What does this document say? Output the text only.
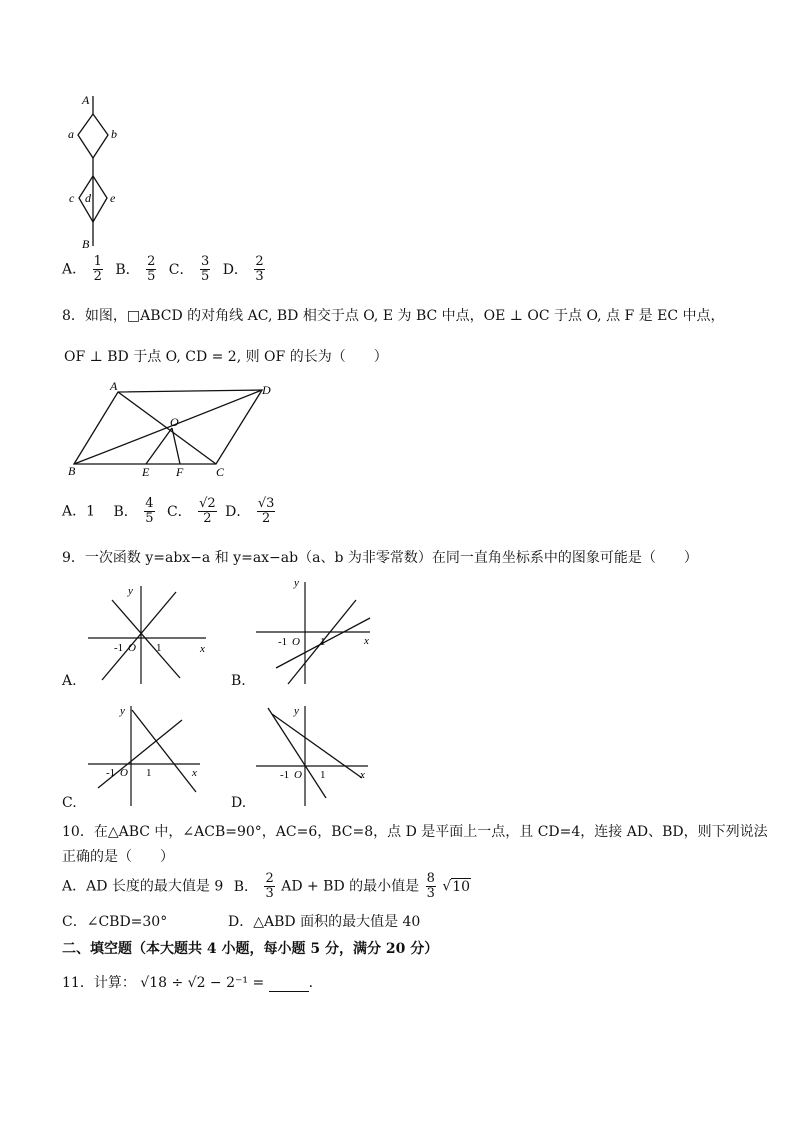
A
a	b
c d e
B
A． $\frac{1}{2}$ B． $\frac{2}{5}$ C． $\frac{3}{5}$ D． $\frac{2}{3}$
8．如图，□ABCD 的对角线 AC, BD 相交于点 O, E 为 BC 中点，OE ⊥ OC 于点 O, 点 F 是 EC 中点，
OF ⊥ BD 于点 O, CD = 2, 则 OF 的长为（　　）
A	D
O
B	E F	C
A．1 B． $\frac{4}{5}$ C． $\frac{√2}{2}$ D． $\frac{√3}{2}$
9．一次函数 y=abx−a 和 y=ax−ab（a、b 为非零常数）在同一直角坐标系中的图象可能是（　　）
y
x
-1 O 1
A.
y
x
-1 O 1
B.
y
x
-1 O 1
C.
y
x
-1 O 1
D.
10．在△ABC 中，∠ACB=90°，AC=6，BC=8，点 D 是平面上一点，且 CD=4，连接 AD、BD，则下列说法
正确的是（　　）
A．AD 长度的最大值是 9 B． $\frac{2}{3}$ AD + BD 的最小值是 $\frac{8}{3} √10$
C．∠CBD=30°	D．△ABD 面积的最大值是 40
二、填空题（本大题共 4 小题，每小题 5 分，满分 20 分）
11．计算： √18 ÷ √2 − 2⁻¹ =	.
